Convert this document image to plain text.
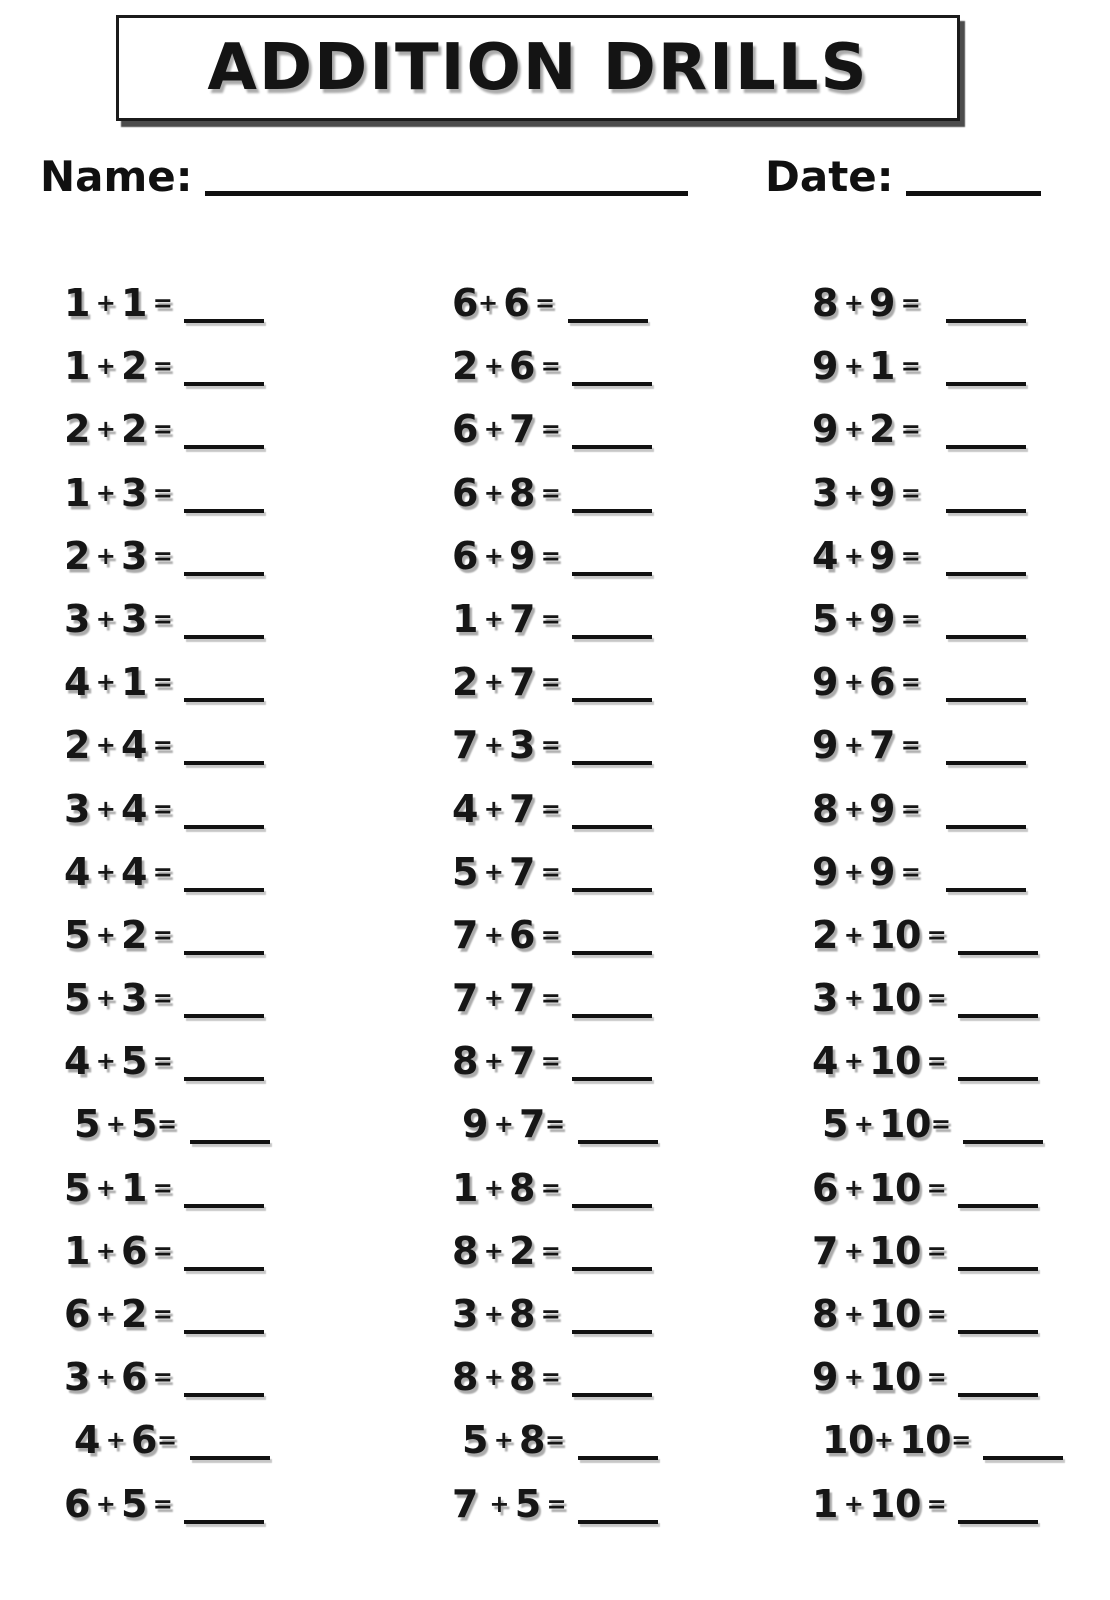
ADDITION DRILLS
Name:	Date:
1 + 1 =
1 + 2 =
2 + 2 =
1 + 3 =
2 + 3 =
3 + 3 =
4 + 1 =
2 + 4 =
3 + 4 =
4 + 4 =
5 + 2 =
5 + 3 =
4 + 5 =
5 + 5=
5 + 1 =
1 + 6 =
6 + 2 =
3 + 6 =
4 + 6=
6 + 5 =
6+ 6 =
2 + 6 =
6 + 7 =
6 + 8 =
6 + 9 =
1 + 7 =
2 + 7 =
7 + 3 =
4 + 7 =
5 + 7 =
7 + 6 =
7 + 7 =
8 + 7 =
9 + 7=
1 + 8 =
8 + 2 =
3 + 8 =
8 + 8 =
5 + 8=
7 + 5 =
8 + 9 =
9 + 1 =
9 + 2 =
3 + 9 =
4 + 9 =
5 + 9 =
9 + 6 =
9 + 7 =
8 + 9 =
9 + 9 =
2 + 10 =
3 + 10 =
4 + 10 =
5 + 10=
6 + 10 =
7 + 10 =
8 + 10 =
9 + 10 =
10+ 10=
1 + 10 =
